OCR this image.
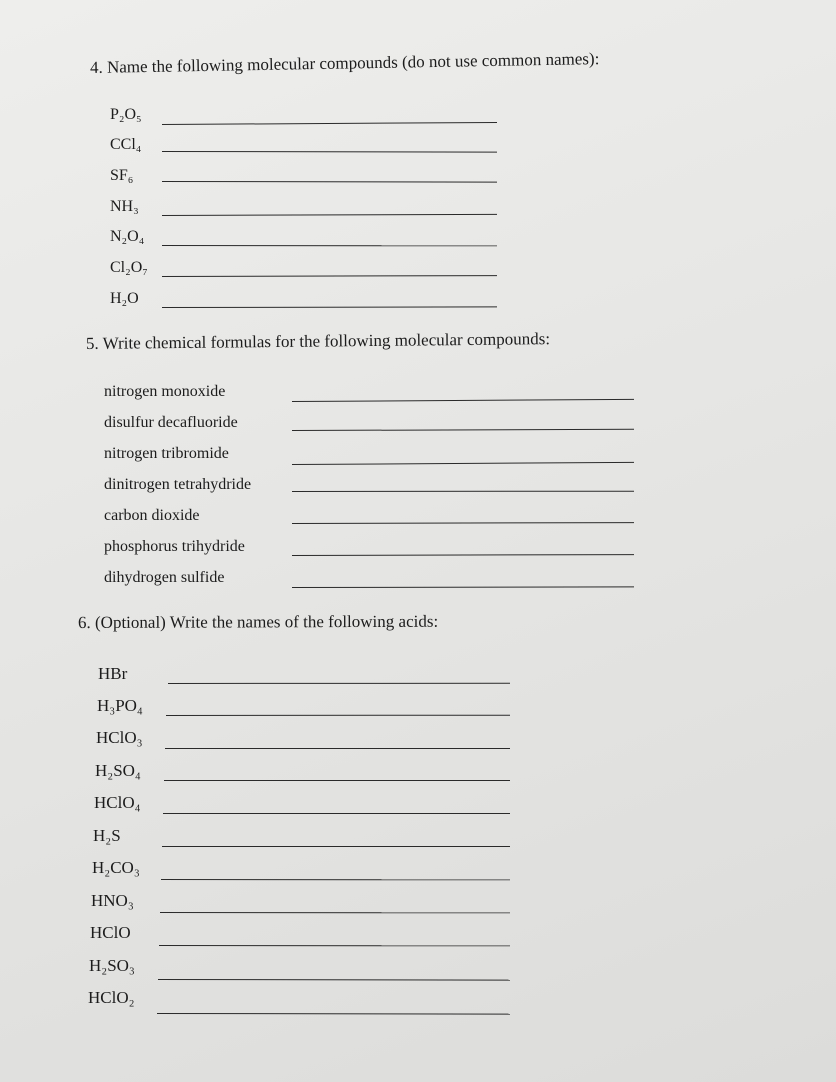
4. Name the following molecular compounds (do not use common names):
P₂O₅
CCl₄
SF₆
NH₃
N₂O₄
Cl₂O₇
H₂O
5. Write chemical formulas for the following molecular compounds:
nitrogen monoxide
disulfur decafluoride
nitrogen tribromide
dinitrogen tetrahydride
carbon dioxide
phosphorus trihydride
dihydrogen sulfide
6. (Optional) Write the names of the following acids:
HBr
H₃PO₄
HClO₃
H₂SO₄
HClO₄
H₂S
H₂CO₃
HNO₃
HClO
H₂SO₃
HClO₂
